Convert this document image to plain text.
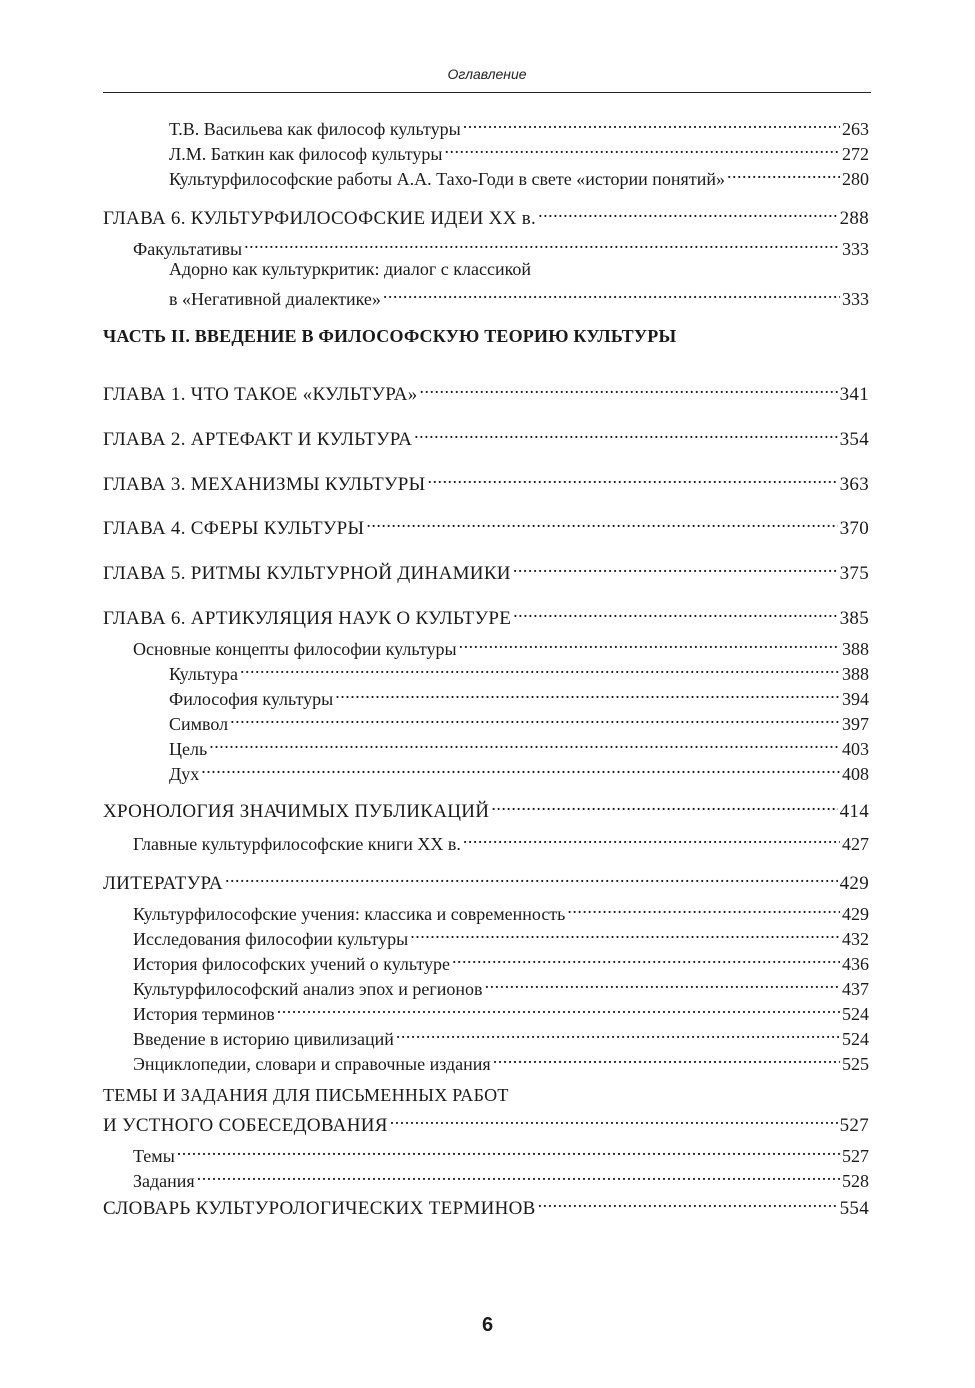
Оглавление
Т.В. Васильева как философ культуры .....	263
Л.М. Баткин как философ культуры .....	272
Культурфилософские работы А.А. Тахо-Годи в свете «истории понятий» .....	280
ГЛАВА 6. КУЛЬТУРФИЛОСОФСКИЕ ИДЕИ XX в. .....	288
Факультативы .....	333
Адорно как культуркритик: диалог с классикой
в «Негативной диалектике» .....	333
ЧАСТЬ II. ВВЕДЕНИЕ В ФИЛОСОФСКУЮ ТЕОРИЮ КУЛЬТУРЫ
ГЛАВА 1. ЧТО ТАКОЕ «КУЛЬТУРА» .....	341
ГЛАВА 2. АРТЕФАКТ И КУЛЬТУРА .....	354
ГЛАВА 3. МЕХАНИЗМЫ КУЛЬТУРЫ .....	363
ГЛАВА 4. СФЕРЫ КУЛЬТУРЫ .....	370
ГЛАВА 5. РИТМЫ КУЛЬТУРНОЙ ДИНАМИКИ .....	375
ГЛАВА 6. АРТИКУЛЯЦИЯ НАУК О КУЛЬТУРЕ .....	385
Основные концепты философии культуры .....	388
Культура .....	388
Философия культуры .....	394
Символ .....	397
Цель .....	403
Дух .....	408
ХРОНОЛОГИЯ ЗНАЧИМЫХ ПУБЛИКАЦИЙ .....	414
Главные культурфилософские книги XX в. .....	427
ЛИТЕРАТУРА .....	429
Культурфилософские учения: классика и современность .....	429
Исследования философии культуры .....	432
История философских учений о культуре .....	436
Культурфилософский анализ эпох и регионов .....	437
История терминов .....	524
Введение в историю цивилизаций .....	524
Энциклопедии, словари и справочные издания .....	525
ТЕМЫ И ЗАДАНИЯ ДЛЯ ПИСЬМЕННЫХ РАБОТ
И УСТНОГО СОБЕСЕДОВАНИЯ .....	527
Темы .....	527
Задания .....	528
СЛОВАРЬ КУЛЬТУРОЛОГИЧЕСКИХ ТЕРМИНОВ .....	554
6
